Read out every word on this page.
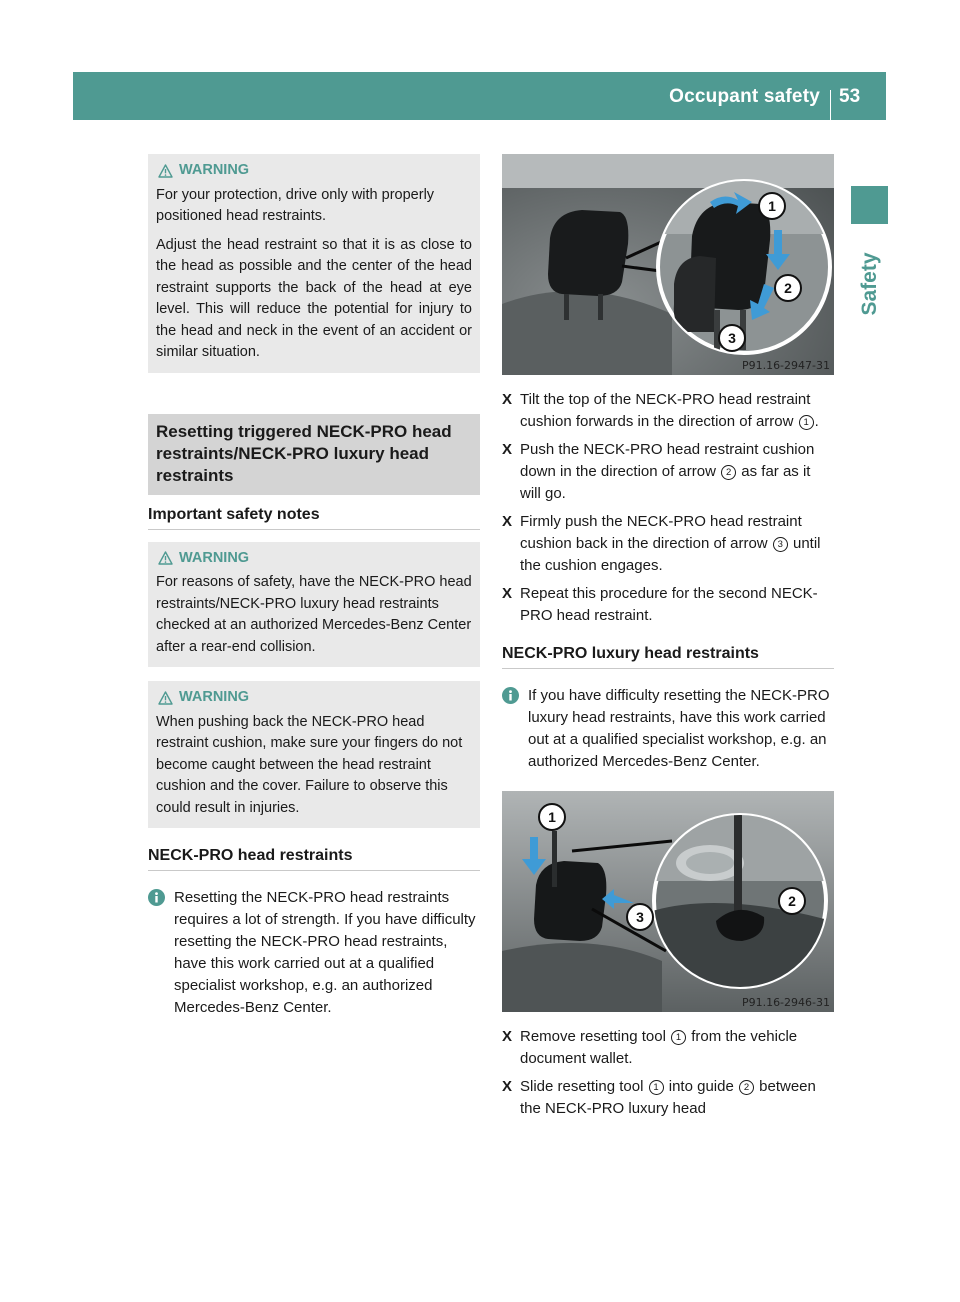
Occupant safety 53
Safety
WARNING

For your protection, drive only with properly positioned head restraints.

Adjust the head restraint so that it is as close to the head as possible and the center of the head restraint supports the back of the head at eye level. This will reduce the potential for injury to the head and neck in the event of an accident or similar situation.

Resetting triggered NECK-PRO head restraints/NECK-PRO luxury head restraints
Important safety notes
WARNING

For reasons of safety, have the NECK-PRO head restraints/NECK-PRO luxury head restraints checked at an authorized Mercedes-Benz Center after a rear-end collision.

WARNING

When pushing back the NECK-PRO head restraint cushion, make sure your fingers do not become caught between the head restraint cushion and the cover. Failure to observe this could result in injuries.

NECK-PRO head restraints
Resetting the NECK-PRO head restraints requires a lot of strength. If you have difficulty resetting the NECK-PRO head restraints, have this work carried out at a qualified specialist workshop, e.g. an authorized Mercedes-Benz Center.
1
2
3
P91.16-2947-31
X Tilt the top of the NECK-PRO head restraint cushion forwards in the direction of arrow 1 .
X Push the NECK-PRO head restraint cushion down in the direction of arrow 2 as far as it will go.
X Firmly push the NECK-PRO head restraint cushion back in the direction of arrow 3 until the cushion engages.
X Repeat this procedure for the second NECK-PRO head restraint.
NECK-PRO luxury head restraints
If you have difficulty resetting the NECK-PRO luxury head restraints, have this work carried out at a qualified specialist workshop, e.g. an authorized Mercedes-Benz Center.
1
2
3
P91.16-2946-31
X Remove resetting tool 1 from the vehicle document wallet.
X Slide resetting tool 1 into guide 2 between the NECK-PRO luxury head
